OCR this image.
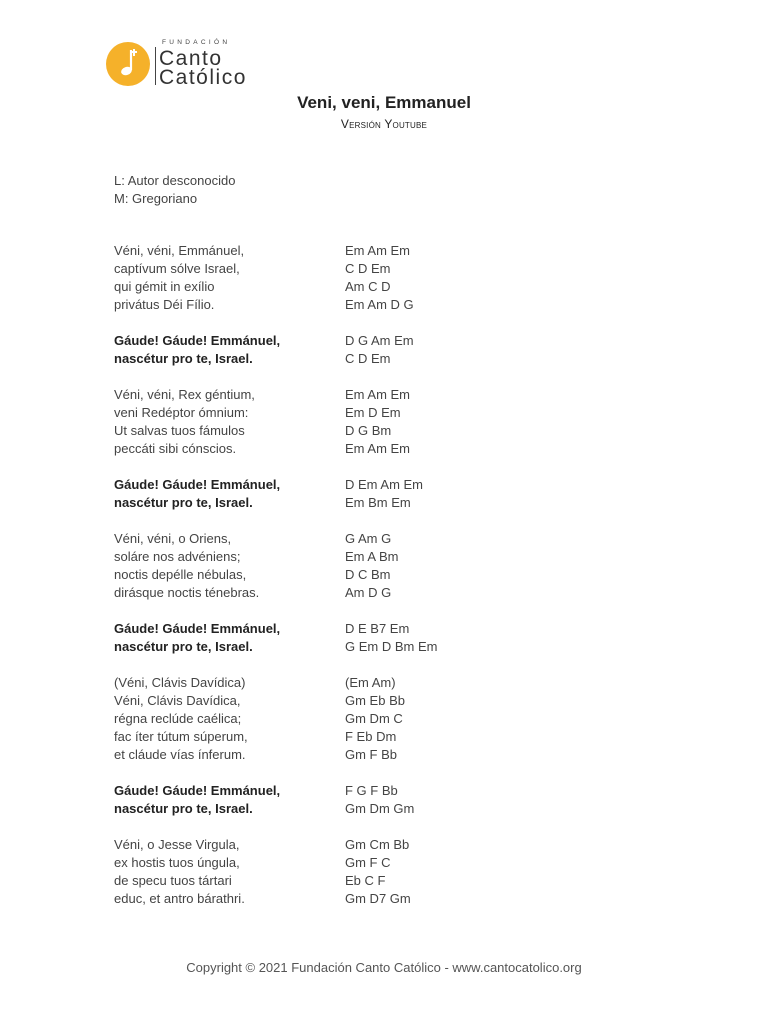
FUNDACIÓN
Canto
Católico
Veni, veni, Emmanuel
Versión Youtube
L: Autor desconocido
M: Gregoriano
Véni, véni, Emmánuel,	Em Am Em
captívum sólve Israel,	C D Em
qui gémit in exílio	Am C D
privátus Déi Fílio.	Em Am D G
Gáude! Gáude! Emmánuel,	D G Am Em
nascétur pro te, Israel.	C D Em
Véni, véni, Rex géntium,	Em Am Em
veni Redéptor ómnium:	Em D Em
Ut salvas tuos fámulos	D G Bm
peccáti sibi cónscios.	Em Am Em
Gáude! Gáude! Emmánuel,	D Em Am Em
nascétur pro te, Israel.	Em Bm Em
Véni, véni, o Oriens,	G Am G
soláre nos advéniens;	Em A Bm
noctis depélle nébulas,	D C Bm
dirásque noctis ténebras.	Am D G
Gáude! Gáude! Emmánuel,	D E B7 Em
nascétur pro te, Israel.	G Em D Bm Em
(Véni, Clávis Davídica)	(Em Am)
Véni, Clávis Davídica,	Gm Eb Bb
régna reclúde caélica;	Gm Dm C
fac íter tútum súperum,	F Eb Dm
et cláude vías ínferum.	Gm F Bb
Gáude! Gáude! Emmánuel,	F G F Bb
nascétur pro te, Israel.	Gm Dm Gm
Véni, o Jesse Virgula,	Gm Cm Bb
ex hostis tuos úngula,	Gm F C
de specu tuos tártari	Eb C F
educ, et antro bárathri.	Gm D7 Gm
Copyright © 2021 Fundación Canto Católico - www.cantocatolico.org
